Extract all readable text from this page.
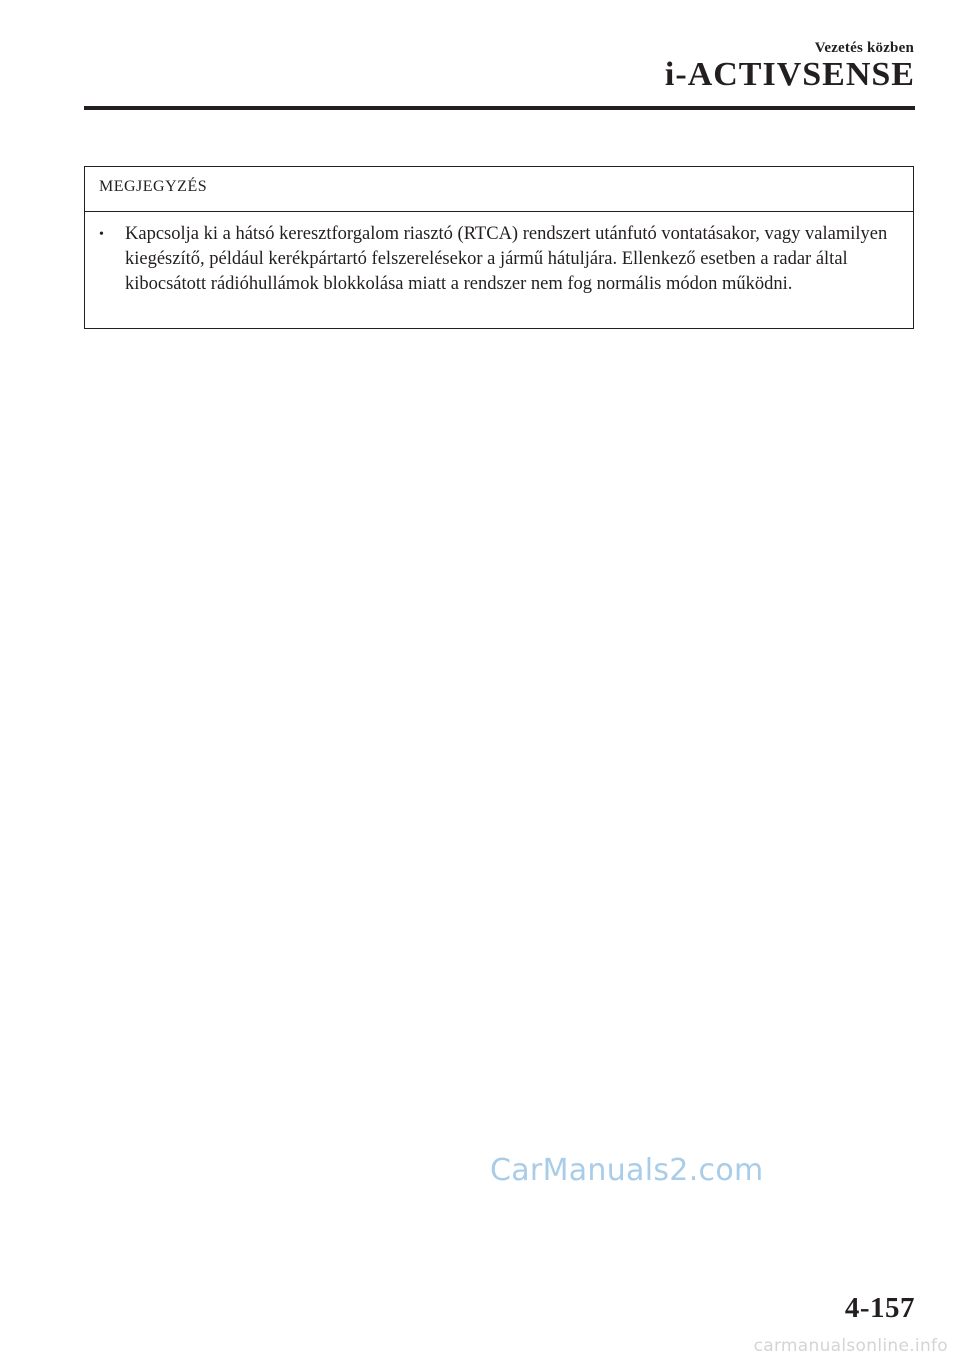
Vezetés közben
i-ACTIVSENSE
MEGJEGYZÉS
•	Kapcsolja ki a hátsó keresztforgalom riasztó (RTCA) rendszert utánfutó vontatásakor, vagy valamilyen kiegészítő, például kerékpártartó felszerelésekor a jármű hátuljára. Ellenkező esetben a radar által kibocsátott rádióhullámok blokkolása miatt a rendszer nem fog normális módon működni.
CarManuals2.com
4-157
carmanualsonline.info
